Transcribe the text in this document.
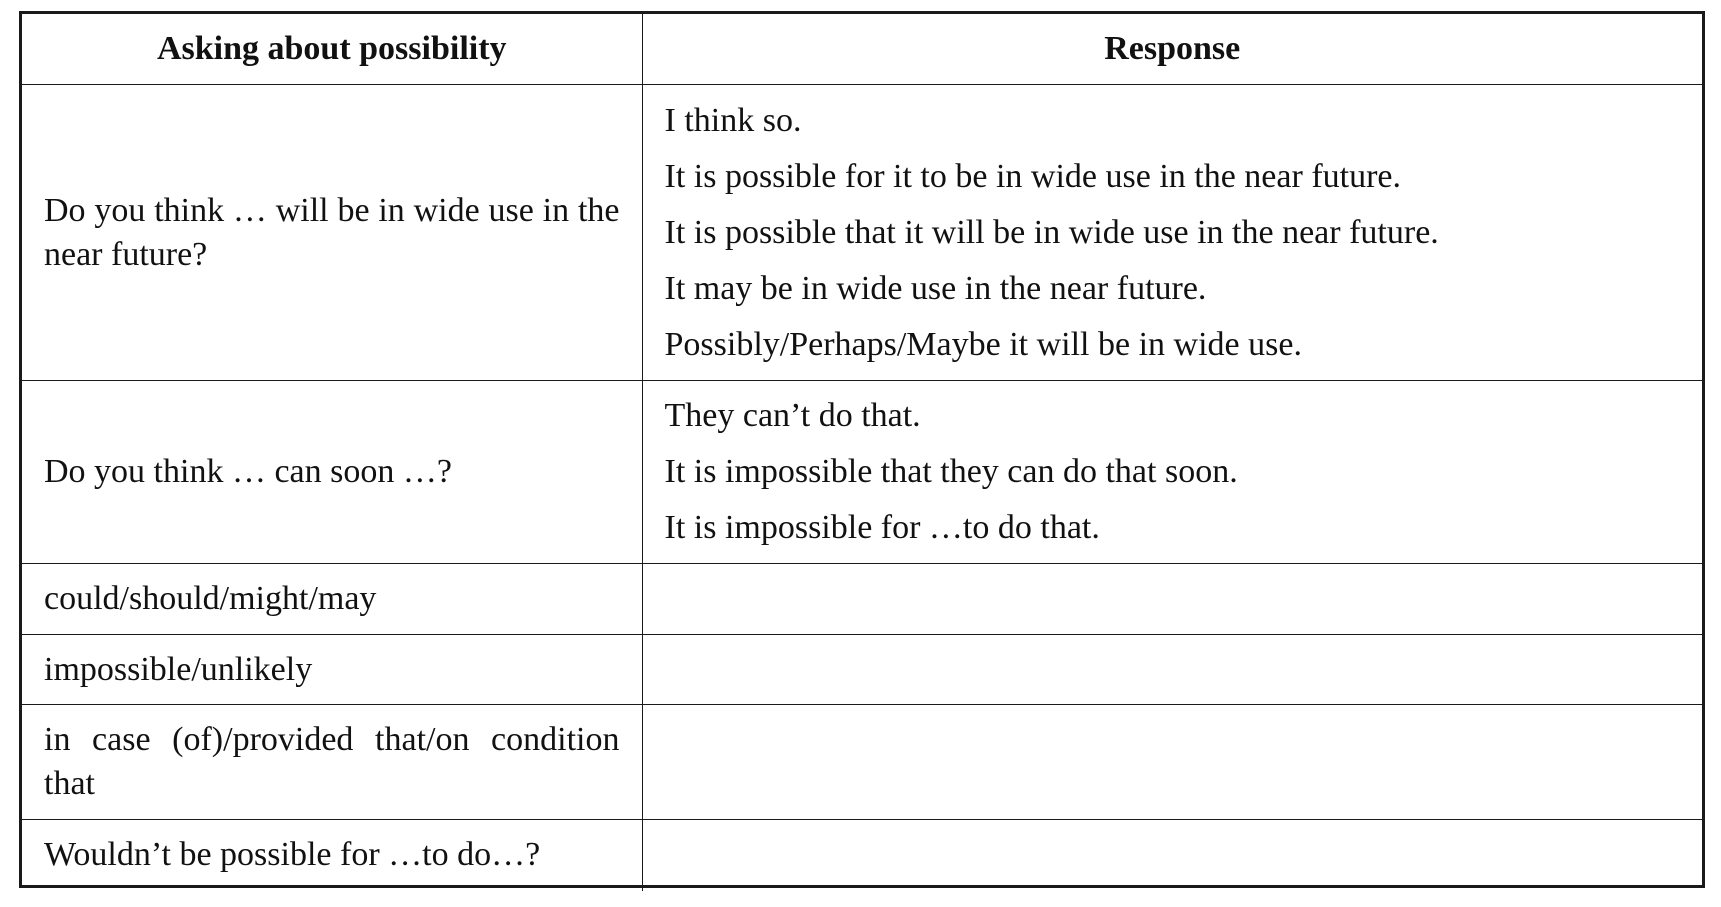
Asking about possibility	Response
Do you think … will be in wide use in the near future?	I think so.
It is possible for it to be in wide use in the near future.
It is possible that it will be in wide use in the near future.
It may be in wide use in the near future.
Possibly/Perhaps/Maybe it will be in wide use.

Do you think … can soon …?	They can’t do that.
It is impossible that they can do that soon.
It is impossible for …to do that.

could/should/might/may	
impossible/unlikely	
in case (of)/provided that/on condition that	
Wouldn’t be possible for …to do…?	
